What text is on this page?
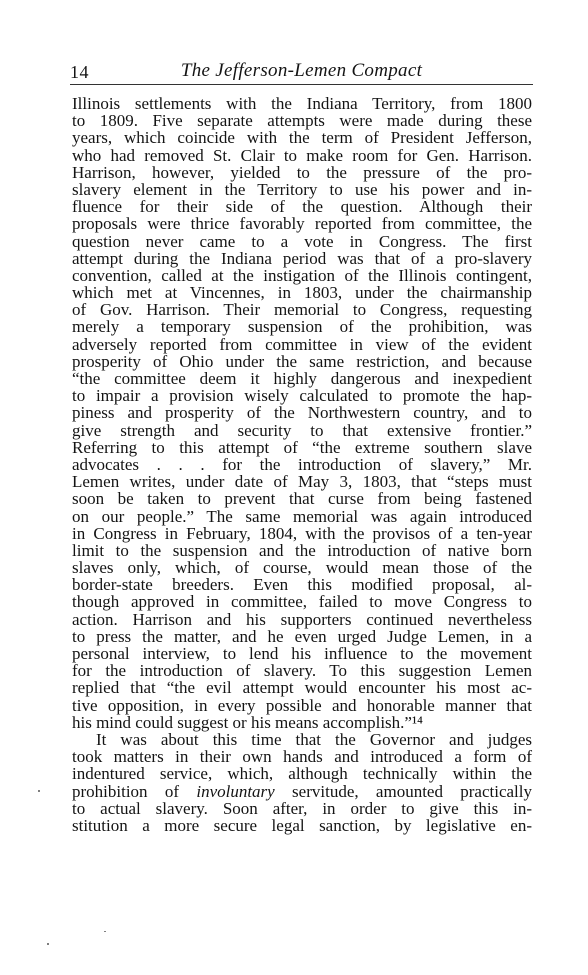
14	The Jefferson-Lemen Compact
Illinois settlements with the Indiana Territory, from 1800
to 1809. Five separate attempts were made during these
years, which coincide with the term of President Jefferson,
who had removed St. Clair to make room for Gen. Harrison.
Harrison, however, yielded to the pressure of the pro-
slavery element in the Territory to use his power and in-
fluence for their side of the question. Although their
proposals were thrice favorably reported from committee, the
question never came to a vote in Congress. The first
attempt during the Indiana period was that of a pro-slavery
convention, called at the instigation of the Illinois contingent,
which met at Vincennes, in 1803, under the chairmanship
of Gov. Harrison. Their memorial to Congress, requesting
merely a temporary suspension of the prohibition, was
adversely reported from committee in view of the evident
prosperity of Ohio under the same restriction, and because
“the committee deem it highly dangerous and inexpedient
to impair a provision wisely calculated to promote the hap-
piness and prosperity of the Northwestern country, and to
give strength and security to that extensive frontier.”
Referring to this attempt of “the extreme southern slave
advocates . . . for the introduction of slavery,” Mr.
Lemen writes, under date of May 3, 1803, that “steps must
soon be taken to prevent that curse from being fastened
on our people.” The same memorial was again introduced
in Congress in February, 1804, with the provisos of a ten-year
limit to the suspension and the introduction of native born
slaves only, which, of course, would mean those of the
border-state breeders. Even this modified proposal, al-
though approved in committee, failed to move Congress to
action. Harrison and his supporters continued nevertheless
to press the matter, and he even urged Judge Lemen, in a
personal interview, to lend his influence to the movement
for the introduction of slavery. To this suggestion Lemen
replied that “the evil attempt would encounter his most ac-
tive opposition, in every possible and honorable manner that
his mind could suggest or his means accomplish.”¹⁴
It was about this time that the Governor and judges
took matters in their own hands and introduced a form of
indentured service, which, although technically within the
prohibition of involuntary servitude, amounted practically
to actual slavery. Soon after, in order to give this in-
stitution a more secure legal sanction, by legislative en-
